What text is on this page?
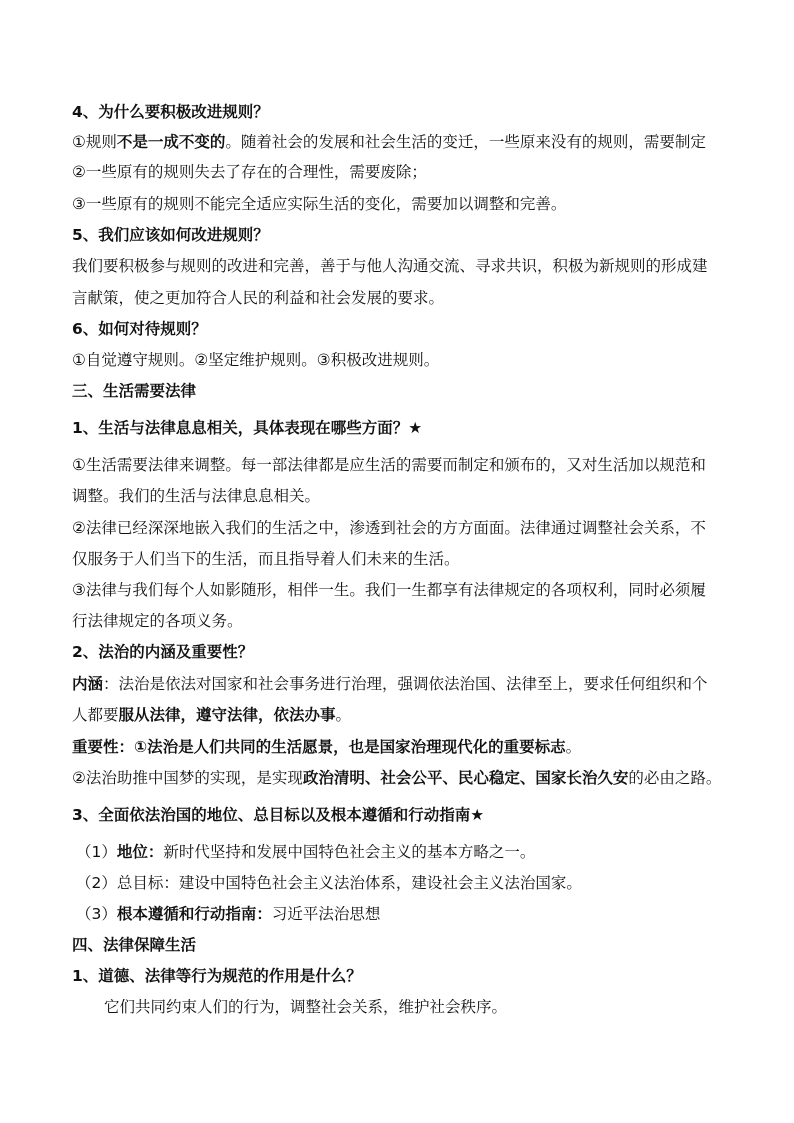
4、为什么要积极改进规则？
①规则不是一成不变的。随着社会的发展和社会生活的变迁，一些原来没有的规则，需要制定
②一些原有的规则失去了存在的合理性，需要废除；
③一些原有的规则不能完全适应实际生活的变化，需要加以调整和完善。
5、我们应该如何改进规则？
我们要积极参与规则的改进和完善，善于与他人沟通交流、寻求共识，积极为新规则的形成建
言献策，使之更加符合人民的利益和社会发展的要求。
6、如何对待规则？
①自觉遵守规则。②坚定维护规则。③积极改进规则。
三、生活需要法律
1、生活与法律息息相关，具体表现在哪些方面？★
①生活需要法律来调整。每一部法律都是应生活的需要而制定和颁布的，又对生活加以规范和
调整。我们的生活与法律息息相关。
②法律已经深深地嵌入我们的生活之中，渗透到社会的方方面面。法律通过调整社会关系，不
仅服务于人们当下的生活，而且指导着人们未来的生活。
③法律与我们每个人如影随形，相伴一生。我们一生都享有法律规定的各项权利，同时必须履
行法律规定的各项义务。
2、法治的内涵及重要性？
内涵：法治是依法对国家和社会事务进行治理，强调依法治国、法律至上，要求任何组织和个
人都要服从法律，遵守法律，依法办事。
重要性：①法治是人们共同的生活愿景，也是国家治理现代化的重要标志。
②法治助推中国梦的实现，是实现政治清明、社会公平、民心稳定、国家长治久安的必由之路。
3、全面依法治国的地位、总目标以及根本遵循和行动指南★
（1）地位：新时代坚持和发展中国特色社会主义的基本方略之一。
（2）总目标：建设中国特色社会主义法治体系，建设社会主义法治国家。
（3）根本遵循和行动指南：习近平法治思想
四、法律保障生活
1、道德、法律等行为规范的作用是什么？
它们共同约束人们的行为，调整社会关系，维护社会秩序。
